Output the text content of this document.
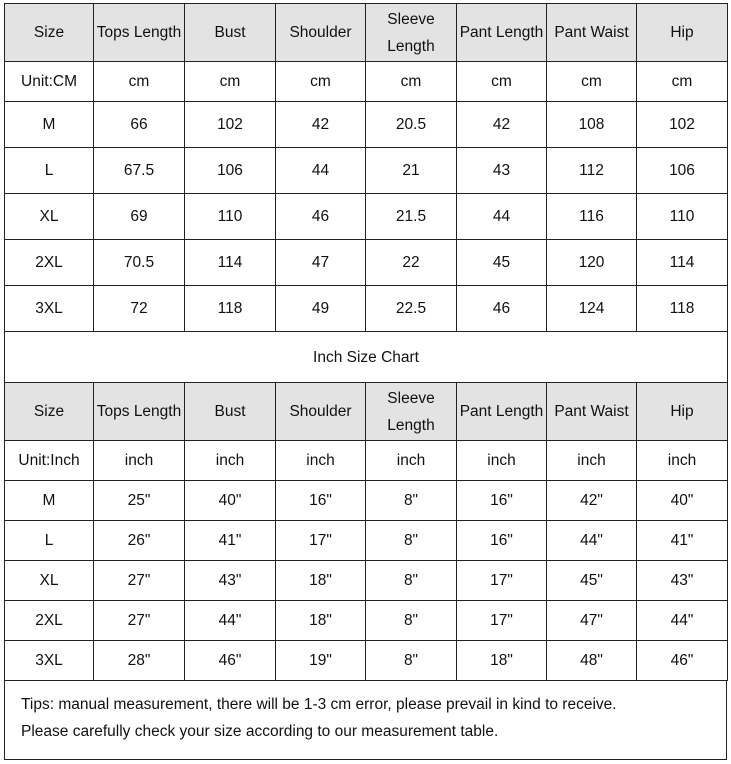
Size	Tops Length	Bust	Shoulder	Sleeve Length	Pant Length	Pant Waist	Hip
Unit:CM	cm	cm	cm	cm	cm	cm	cm
M	66	102	42	20.5	42	108	102
L	67.5	106	44	21	43	112	106
XL	69	110	46	21.5	44	116	110
2XL	70.5	114	47	22	45	120	114
3XL	72	118	49	22.5	46	124	118
Inch Size Chart							
Size	Tops Length	Bust	Shoulder	Sleeve Length	Pant Length	Pant Waist	Hip
Unit:Inch	inch	inch	inch	inch	inch	inch	inch
M	25"	40"	16"	8"	16"	42"	40"
L	26"	41"	17"	8"	16"	44"	41"
XL	27"	43"	18"	8"	17"	45"	43"
2XL	27"	44"	18"	8"	17"	47"	44"
3XL	28"	46"	19"	8"	18"	48"	46"
Tips: manual measurement, there will be 1-3 cm error, please prevail in kind to receive.
Please carefully check your size according to our measurement table.
